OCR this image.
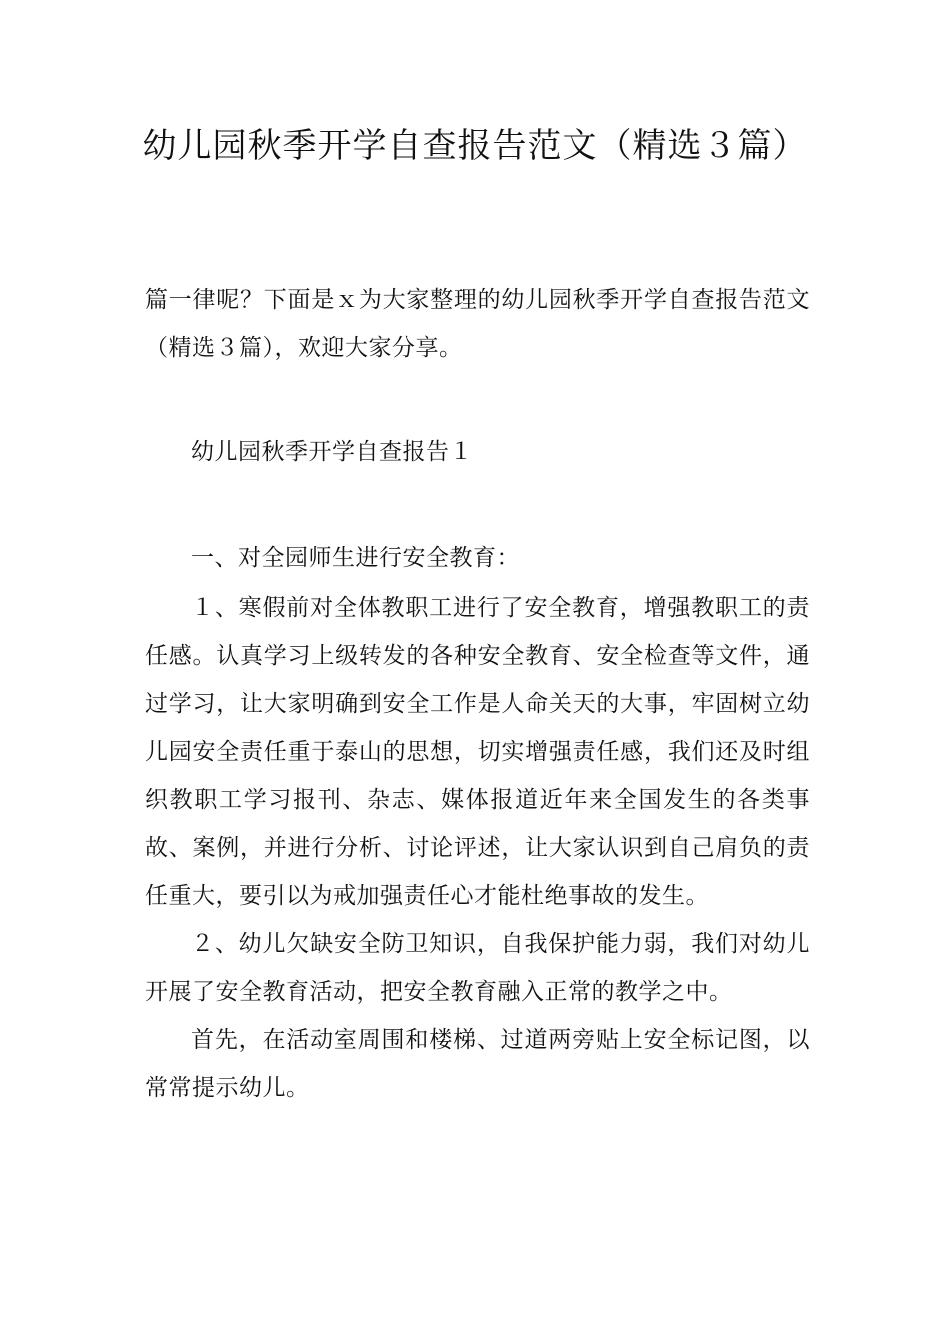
幼儿园秋季开学自查报告范文（精选３篇）

篇一律呢？下面是ｘ为大家整理的幼儿园秋季开学自查报告范文（精选３篇），欢迎大家分享。

幼儿园秋季开学自查报告１

一、对全园师生进行安全教育：

１、寒假前对全体教职工进行了安全教育，增强教职工的责任感。认真学习上级转发的各种安全教育、安全检查等文件，通过学习，让大家明确到安全工作是人命关天的大事，牢固树立幼儿园安全责任重于泰山的思想，切实增强责任感，我们还及时组织教职工学习报刊、杂志、媒体报道近年来全国发生的各类事故、案例，并进行分析、讨论评述，让大家认识到自己肩负的责任重大，要引以为戒加强责任心才能杜绝事故的发生。

２、幼儿欠缺安全防卫知识，自我保护能力弱，我们对幼儿开展了安全教育活动，把安全教育融入正常的教学之中。

首先，在活动室周围和楼梯、过道两旁贴上安全标记图，以常常提示幼儿。
